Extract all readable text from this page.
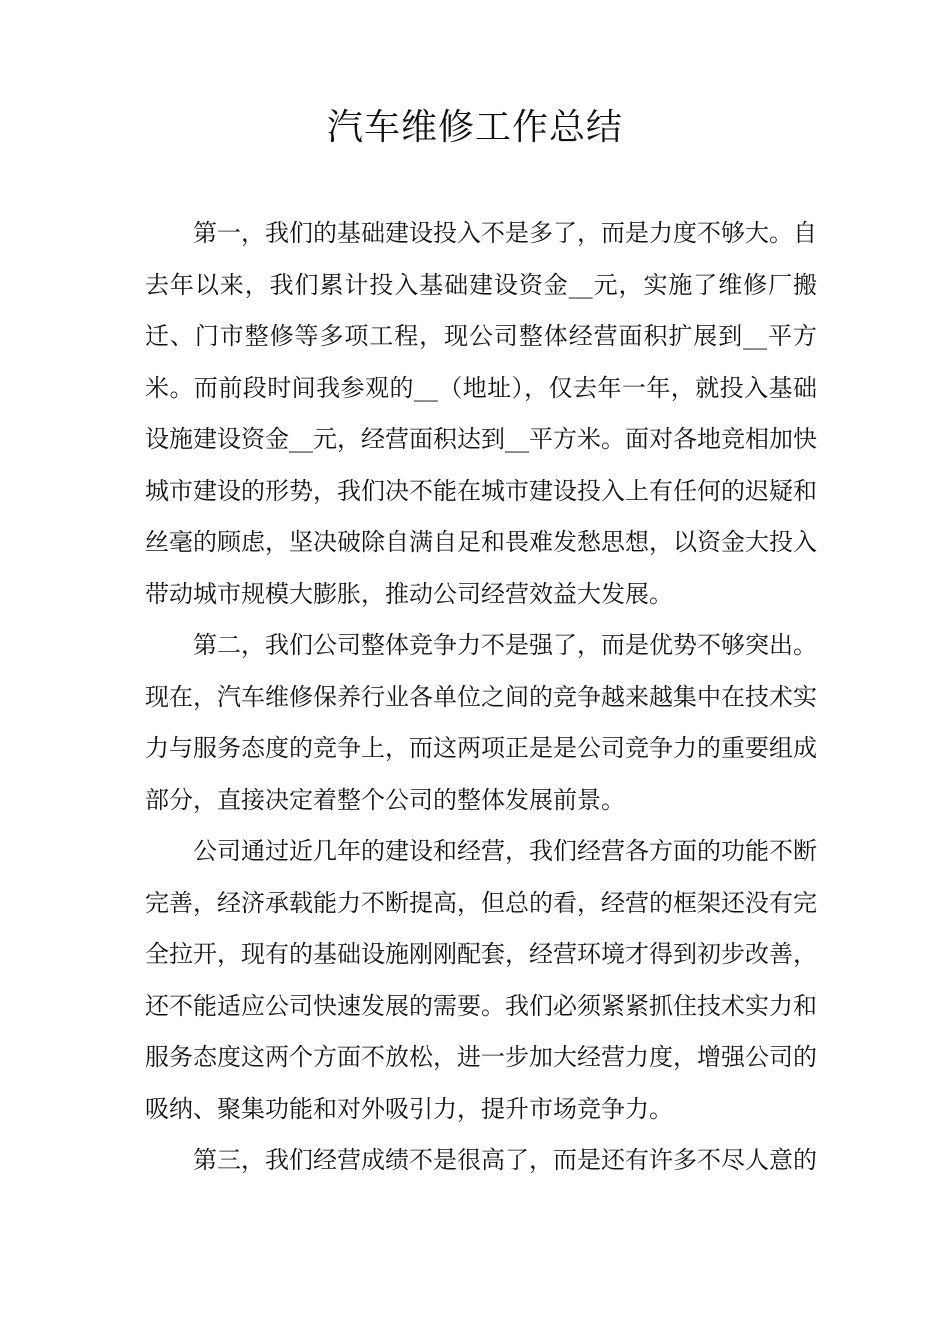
汽车维修工作总结

第一，我们的基础建设投入不是多了，而是力度不够大。自去年以来，我们累计投入基础建设资金__元，实施了维修厂搬迁、门市整修等多项工程，现公司整体经营面积扩展到__平方米。而前段时间我参观的__（地址），仅去年一年，就投入基础设施建设资金__元，经营面积达到__平方米。面对各地竞相加快城市建设的形势，我们决不能在城市建设投入上有任何的迟疑和丝毫的顾虑，坚决破除自满自足和畏难发愁思想，以资金大投入带动城市规模大膨胀，推动公司经营效益大发展。

第二，我们公司整体竞争力不是强了，而是优势不够突出。现在，汽车维修保养行业各单位之间的竞争越来越集中在技术实力与服务态度的竞争上，而这两项正是是公司竞争力的重要组成部分，直接决定着整个公司的整体发展前景。

公司通过近几年的建设和经营，我们经营各方面的功能不断完善，经济承载能力不断提高，但总的看，经营的框架还没有完全拉开，现有的基础设施刚刚配套，经营环境才得到初步改善，还不能适应公司快速发展的需要。我们必须紧紧抓住技术实力和服务态度这两个方面不放松，进一步加大经营力度，增强公司的吸纳、聚集功能和对外吸引力，提升市场竞争力。

第三，我们经营成绩不是很高了，而是还有许多不尽人意的
